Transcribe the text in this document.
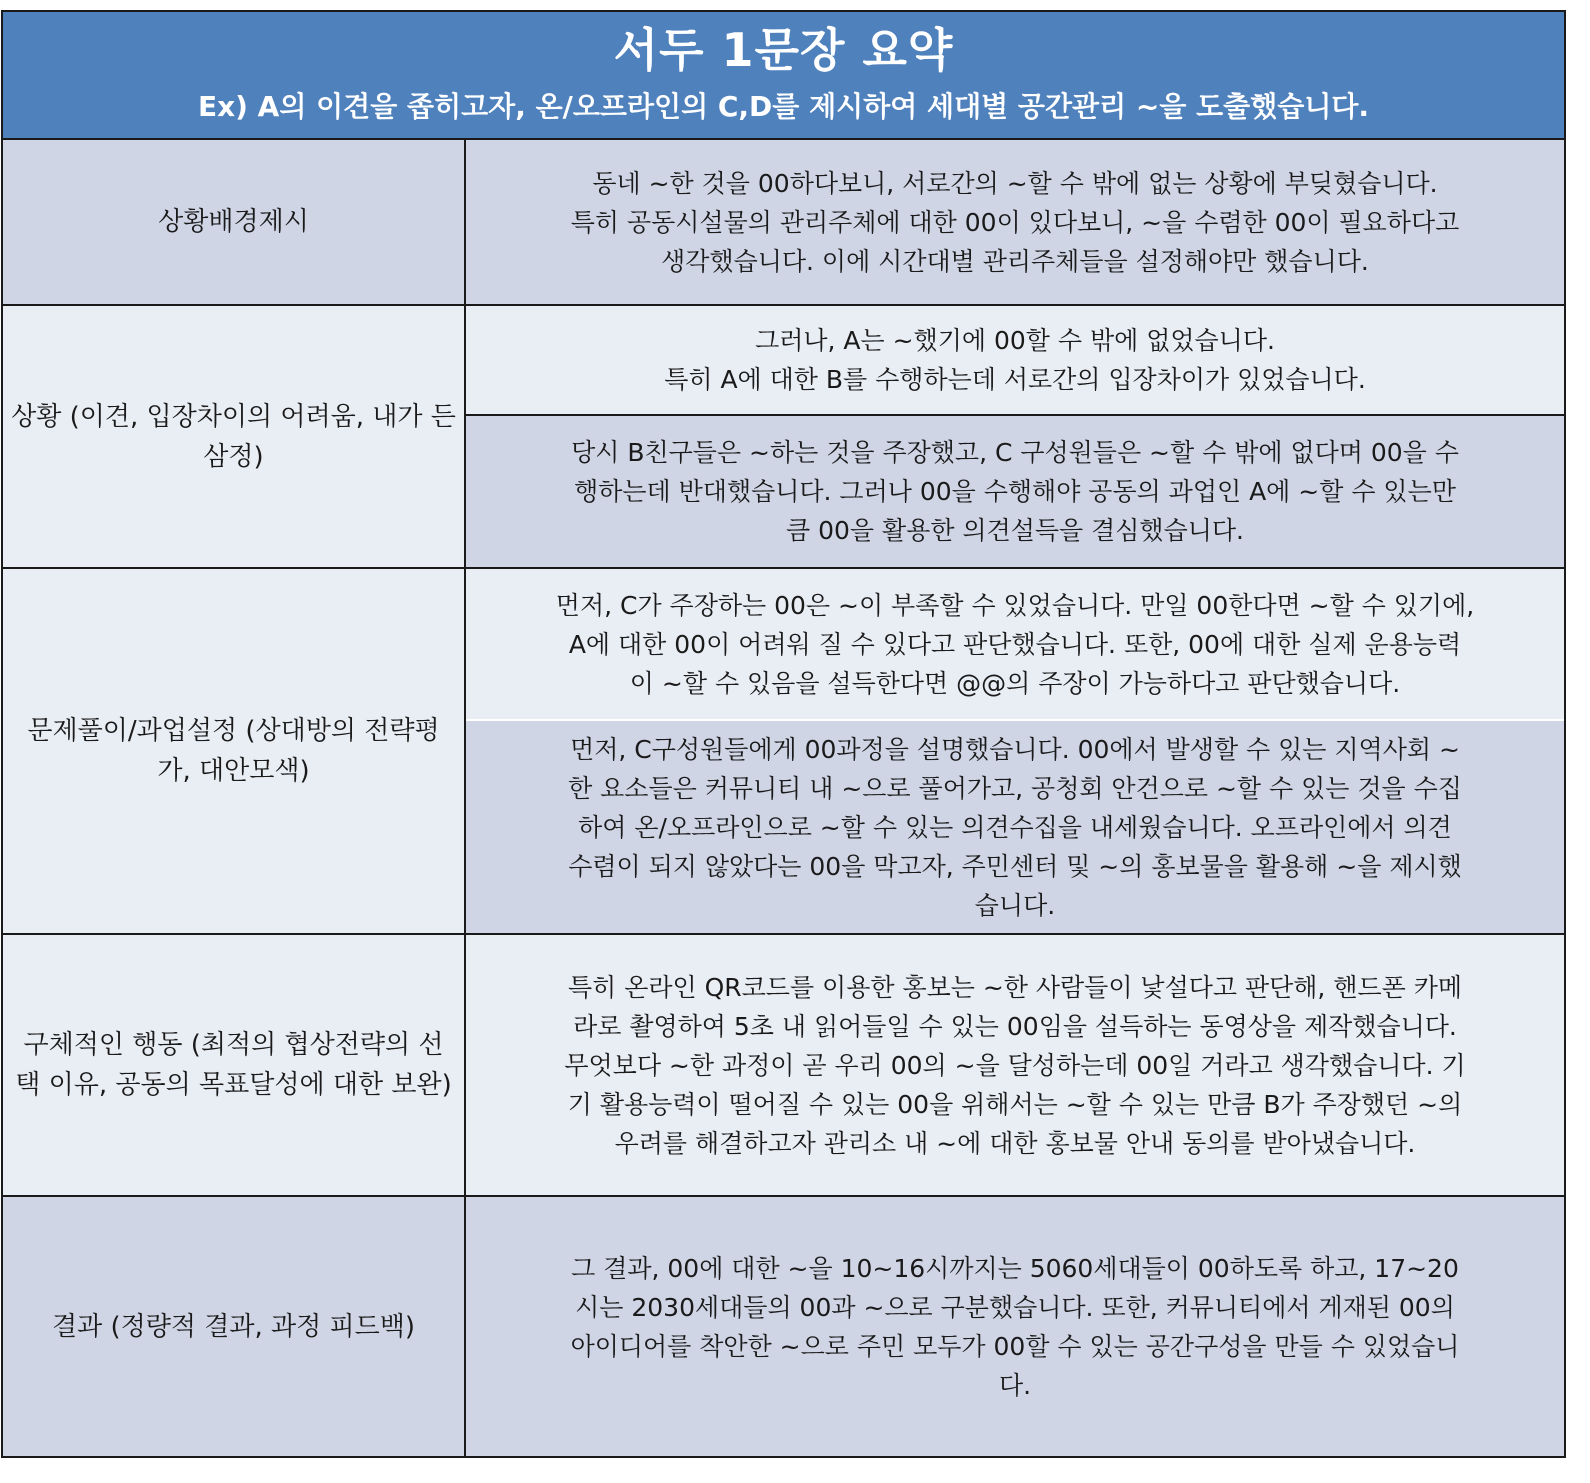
서두 1문장 요약
Ex) A의 이견을 좁히고자, 온/오프라인의 C,D를 제시하여 세대별 공간관리 ~을 도출했습니다.
상황배경제시
동네 ~한 것을 00하다보니, 서로간의 ~할 수 밖에 없는 상황에 부딪혔습니다.
특히 공동시설물의 관리주체에 대한 00이 있다보니, ~을 수렴한 00이 필요하다고
생각했습니다. 이에 시간대별 관리주체들을 설정해야만 했습니다.
상황 (이견, 입장차이의 어려움, 내가 든 삼정)
그러나, A는 ~했기에 00할 수 밖에 없었습니다.
특히 A에 대한 B를 수행하는데 서로간의 입장차이가 있었습니다.
당시 B친구들은 ~하는 것을 주장했고, C 구성원들은 ~할 수 밖에 없다며 00을 수
행하는데 반대했습니다. 그러나 00을 수행해야 공동의 과업인 A에 ~할 수 있는만
큼 00을 활용한 의견설득을 결심했습니다.
문제풀이/과업설정 (상대방의 전략평가, 대안모색)
먼저, C가 주장하는 00은 ~이 부족할 수 있었습니다. 만일 00한다면 ~할 수 있기에,
A에 대한 00이 어려워 질 수 있다고 판단했습니다. 또한, 00에 대한 실제 운용능력
이 ~할 수 있음을 설득한다면 @@의 주장이 가능하다고 판단했습니다.
먼저, C구성원들에게 00과정을 설명했습니다. 00에서 발생할 수 있는 지역사회 ~
한 요소들은 커뮤니티 내 ~으로 풀어가고, 공청회 안건으로 ~할 수 있는 것을 수집
하여 온/오프라인으로 ~할 수 있는 의견수집을 내세웠습니다. 오프라인에서 의견
수렴이 되지 않았다는 00을 막고자, 주민센터 및 ~의 홍보물을 활용해 ~을 제시했
습니다.
구체적인 행동 (최적의 협상전략의 선택 이유, 공동의 목표달성에 대한 보완)
특히 온라인 QR코드를 이용한 홍보는 ~한 사람들이 낯설다고 판단해, 핸드폰 카메
라로 촬영하여 5초 내 읽어들일 수 있는 00임을 설득하는 동영상을 제작했습니다.
무엇보다 ~한 과정이 곧 우리 00의 ~을 달성하는데 00일 거라고 생각했습니다. 기
기 활용능력이 떨어질 수 있는 00을 위해서는 ~할 수 있는 만큼 B가 주장했던 ~의
우려를 해결하고자 관리소 내 ~에 대한 홍보물 안내 동의를 받아냈습니다.
결과 (정량적 결과, 과정 피드백)
그 결과, 00에 대한 ~을 10~16시까지는 5060세대들이 00하도록 하고, 17~20
시는 2030세대들의 00과 ~으로 구분했습니다. 또한, 커뮤니티에서 게재된 00의
아이디어를 착안한 ~으로 주민 모두가 00할 수 있는 공간구성을 만들 수 있었습니
다.
